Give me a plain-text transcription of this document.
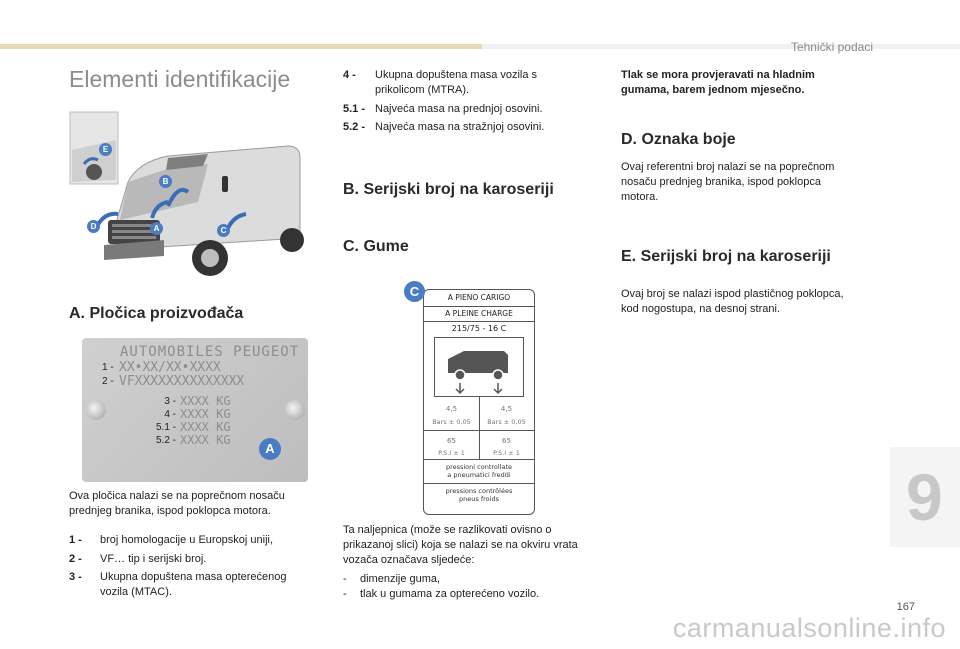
Tehnički podaci
Elementi identifikacije
E
B
D	A	C
A. Pločica proizvođača
AUTOMOBILES PEUGEOT
1 - XX•XX/XX•XXXX
2 - VFXXXXXXXXXXXXXX
3 - XXXX KG
4 - XXXX KG
5.1 - XXXX KG
5.2 - XXXX KG
A

Ova pločica nalazi se na poprečnom nosaču prednjeg branika, ispod poklopca motora.

1 - broj homologacije u Europskoj uniji,
2 - VF… tip i serijski broj.
3 - Ukupna dopuštena masa opterećenog vozila (MTAC).
4 - Ukupna dopuštena masa vozila s prikolicom (MTRA).
5.1 - Najveća masa na prednjoj osovini.
5.2 - Najveća masa na stražnjoj osovini.
B. Serijski broj na karoseriji
C. Gume
A PIENO CARIGO
A PLEINE CHARGE
215/75 - 16 C
4,5	4,5
Bars ± 0,05	Bars ± 0,05
65	65
P.S.I ± 1	P.S.I ± 1
pressioni controllate
a pneumatici freddi
pressions contrôlées
pneus froids
C

Ta naljepnica (može se razlikovati ovisno o prikazanoj slici) koja se nalazi se na okviru vrata vozača označava sljedeće:

- dimenzije guma,
- tlak u gumama za opterećeno vozilo.

Tlak se mora provjeravati na hladnim gumama, barem jednom mjesečno.

D. Oznaka boje

Ovaj referentni broj nalazi se na poprečnom nosaču prednjeg branika, ispod poklopca motora.

E. Serijski broj na karoseriji

Ovaj broj se nalazi ispod plastičnog poklopca, kod nogostupa, na desnoj strani.

9
167
carmanualsonline.info
